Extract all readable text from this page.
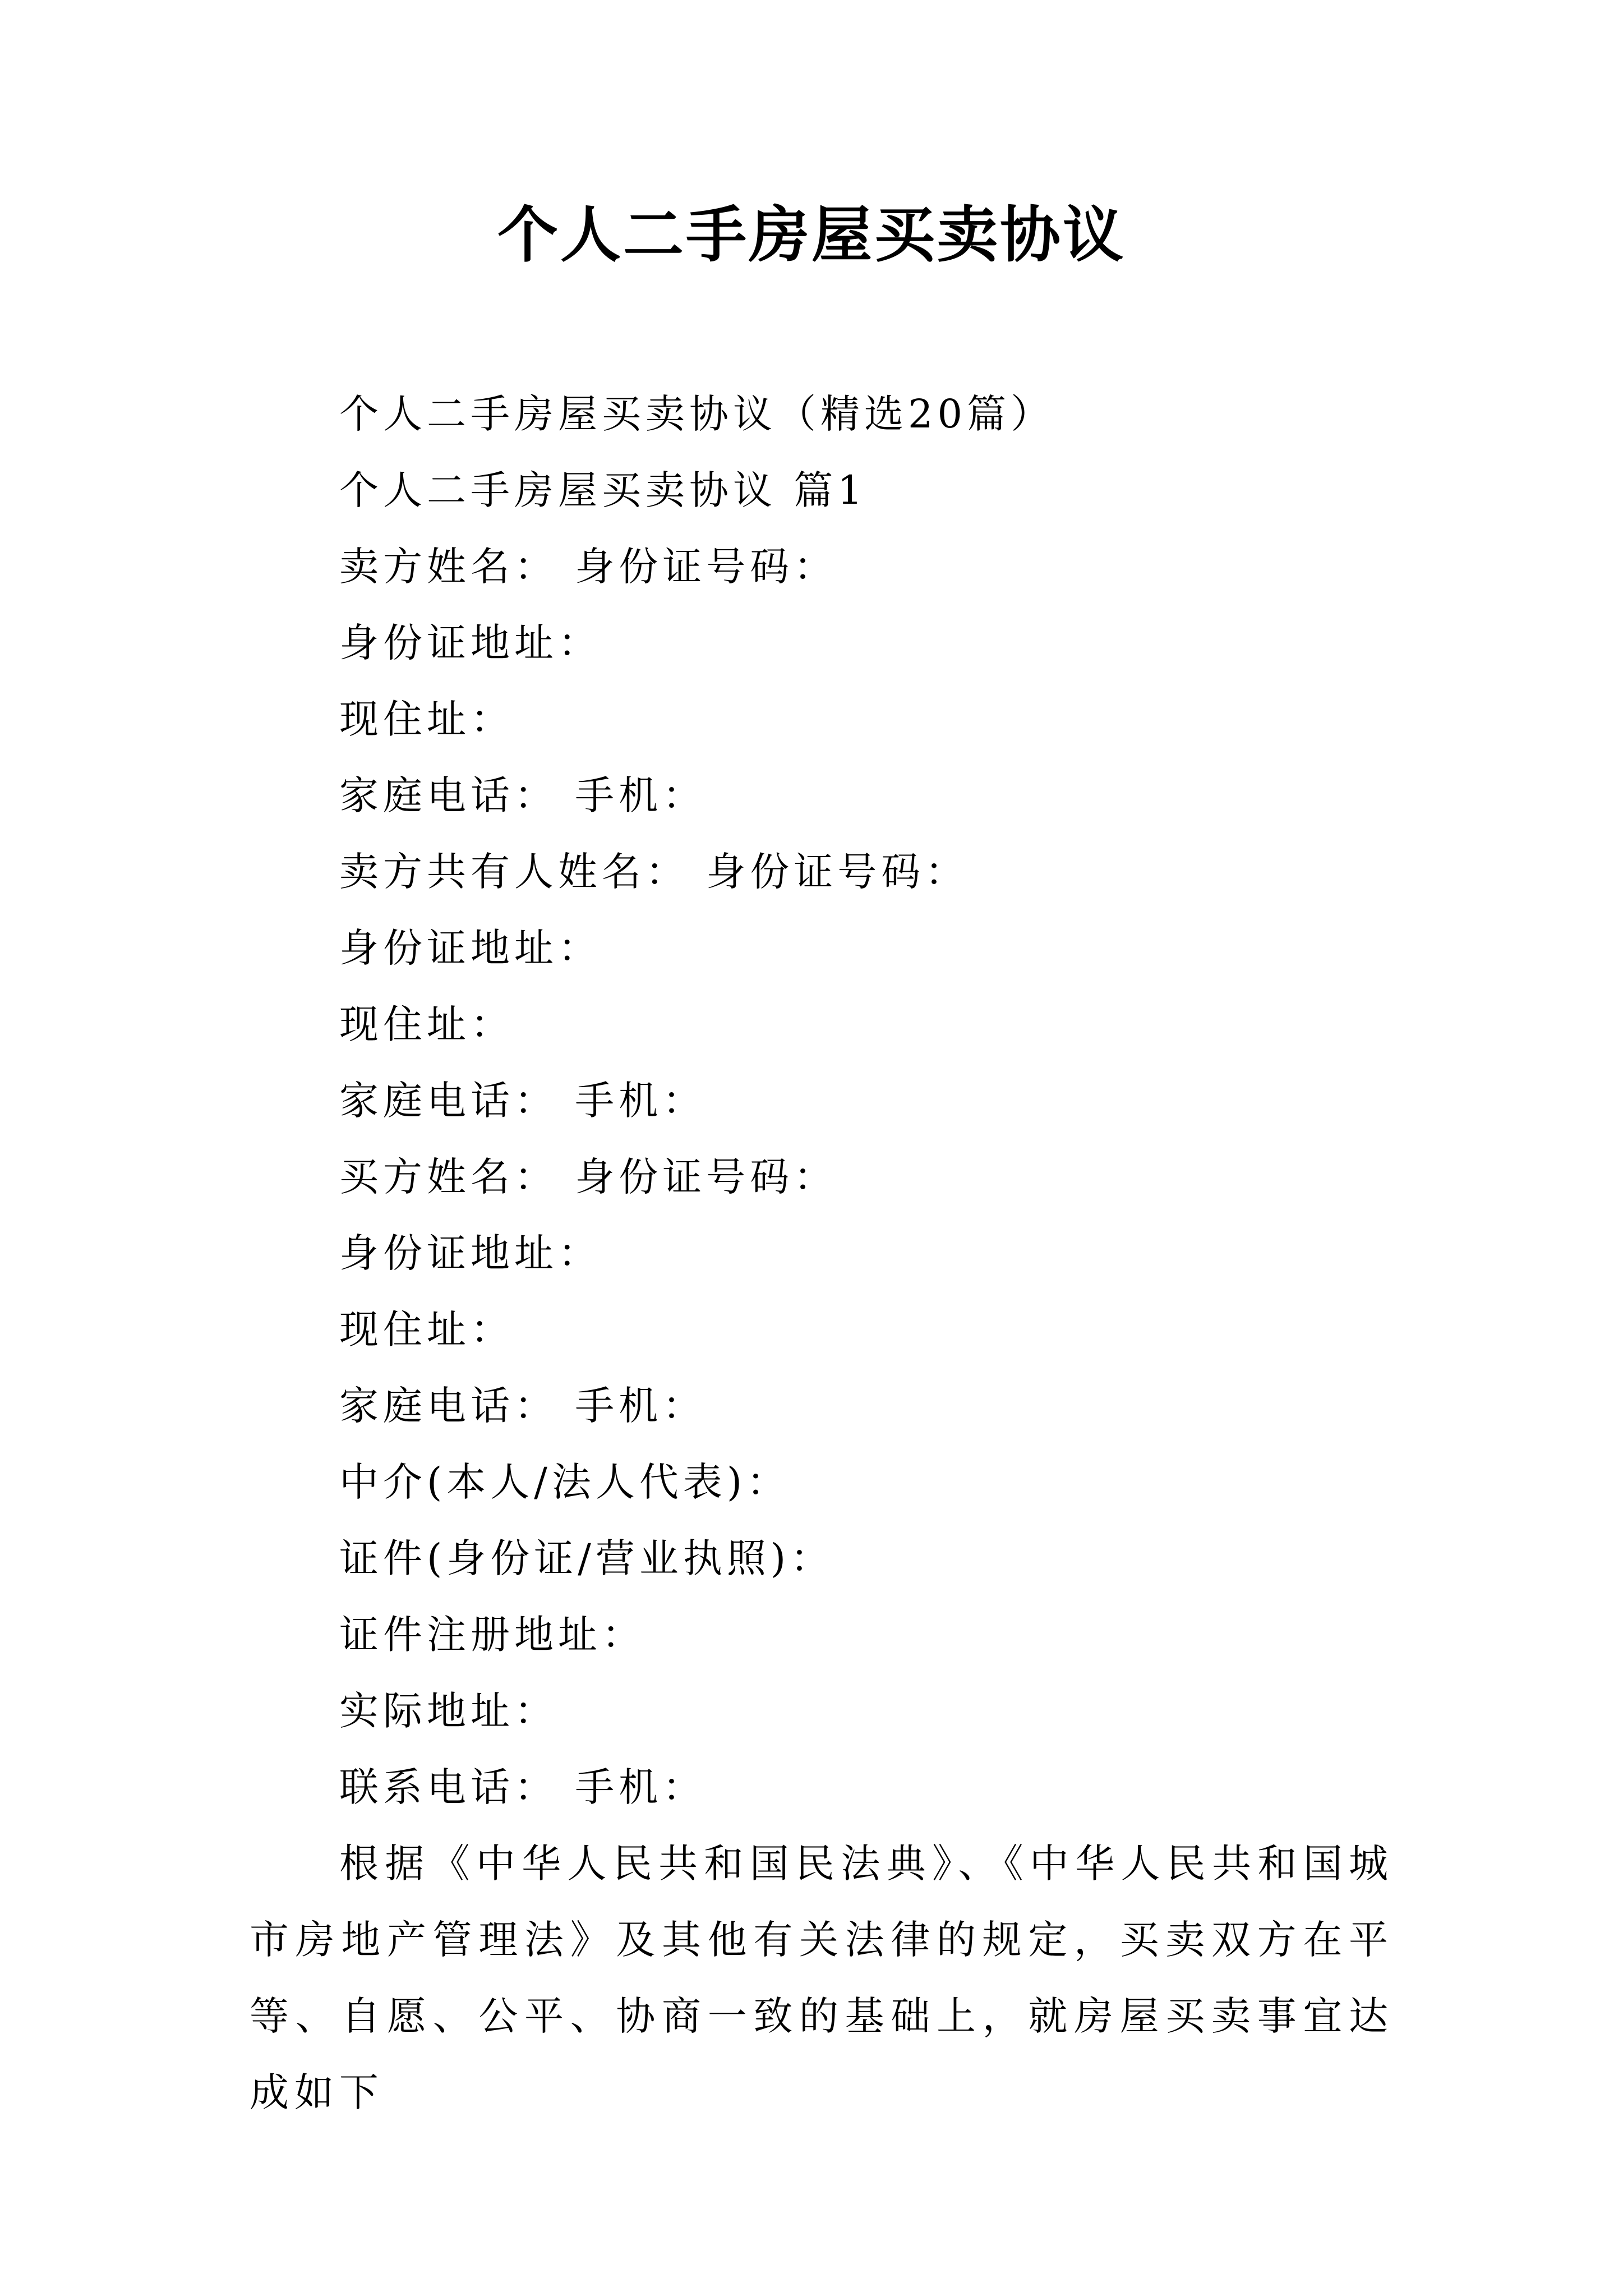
个人二手房屋买卖协议
个人二手房屋买卖协议（精选20篇）
个人二手房屋买卖协议 篇1
卖方姓名： 身份证号码：
身份证地址：
现住址：
家庭电话： 手机：
卖方共有人姓名： 身份证号码：
身份证地址：
现住址：
家庭电话： 手机：
买方姓名： 身份证号码：
身份证地址：
现住址：
家庭电话： 手机：
中介(本人/法人代表)：
证件(身份证/营业执照)：
证件注册地址：
实际地址：
联系电话： 手机：
根据《中华人民共和国民法典》、《中华人民共和国城市房地产管理法》及其他有关法律的规定，买卖双方在平等、自愿、公平、协商一致的基础上，就房屋买卖事宜达成如下
